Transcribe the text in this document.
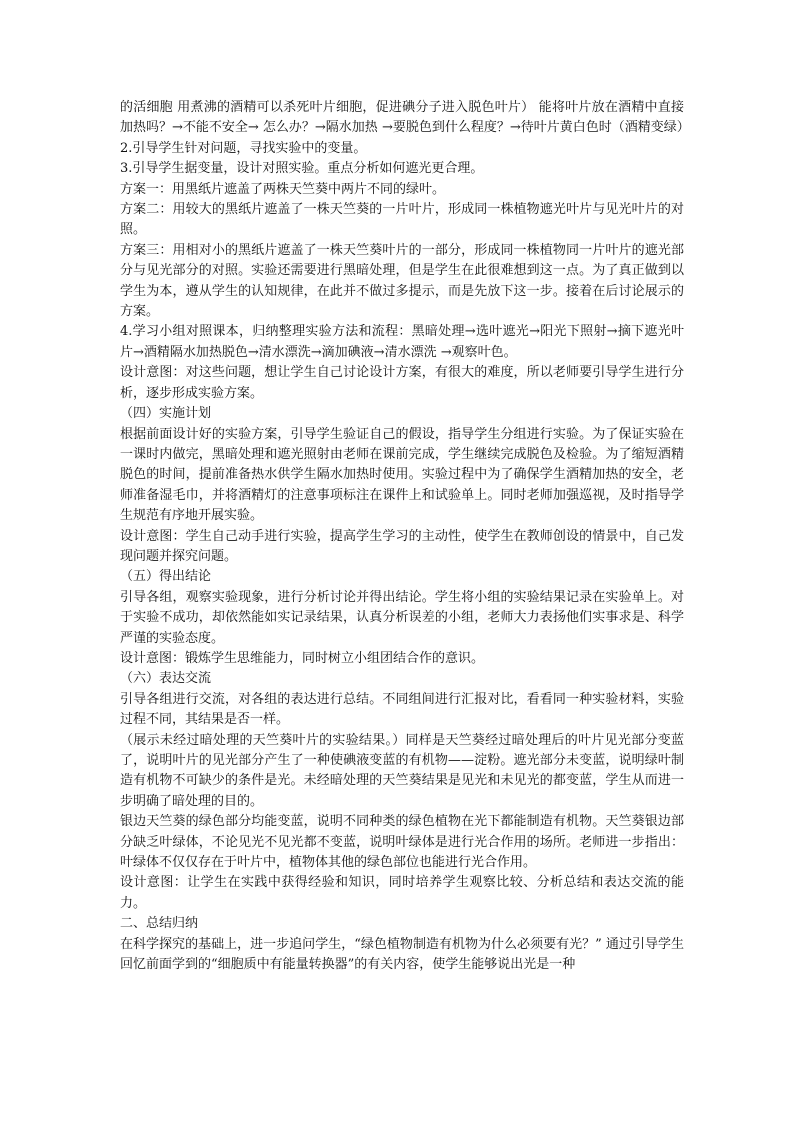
的活细胞 用煮沸的酒精可以杀死叶片细胞，促进碘分子进入脱色叶片） 能将叶片放在酒精中直接加热吗？→不能不安全→ 怎么办？→隔水加热 →要脱色到什么程度？→待叶片黄白色时（酒精变绿）

2.引导学生针对问题，寻找实验中的变量。

3.引导学生据变量，设计对照实验。重点分析如何遮光更合理。

方案一：用黑纸片遮盖了两株天竺葵中两片不同的绿叶。

方案二：用较大的黑纸片遮盖了一株天竺葵的一片叶片，形成同一株植物遮光叶片与见光叶片的对照。

方案三：用相对小的黑纸片遮盖了一株天竺葵叶片的一部分，形成同一株植物同一片叶片的遮光部分与见光部分的对照。实验还需要进行黑暗处理，但是学生在此很难想到这一点。为了真正做到以学生为本，遵从学生的认知规律，在此并不做过多提示，而是先放下这一步。接着在后讨论展示的方案。

4.学习小组对照课本，归纳整理实验方法和流程：黑暗处理→选叶遮光→阳光下照射→摘下遮光叶片→酒精隔水加热脱色→清水漂洗→滴加碘液→清水漂洗 →观察叶色。

设计意图：对这些问题，想让学生自己讨论设计方案，有很大的难度，所以老师要引导学生进行分析，逐步形成实验方案。

（四）实施计划

根据前面设计好的实验方案，引导学生验证自己的假设，指导学生分组进行实验。为了保证实验在一课时内做完，黑暗处理和遮光照射由老师在课前完成，学生继续完成脱色及检验。为了缩短酒精脱色的时间，提前准备热水供学生隔水加热时使用。实验过程中为了确保学生酒精加热的安全，老师准备湿毛巾，并将酒精灯的注意事项标注在课件上和试验单上。同时老师加强巡视，及时指导学生规范有序地开展实验。

设计意图：学生自己动手进行实验，提高学生学习的主动性，使学生在教师创设的情景中，自己发现问题并探究问题。

（五）得出结论

引导各组，观察实验现象，进行分析讨论并得出结论。学生将小组的实验结果记录在实验单上。对于实验不成功，却依然能如实记录结果，认真分析误差的小组，老师大力表扬他们实事求是、科学严谨的实验态度。

设计意图：锻炼学生思维能力，同时树立小组团结合作的意识。

（六）表达交流

引导各组进行交流，对各组的表达进行总结。不同组间进行汇报对比，看看同一种实验材料，实验过程不同，其结果是否一样。

（展示未经过暗处理的天竺葵叶片的实验结果。）同样是天竺葵经过暗处理后的叶片见光部分变蓝了，说明叶片的见光部分产生了一种使碘液变蓝的有机物——淀粉。遮光部分未变蓝，说明绿叶制造有机物不可缺少的条件是光。未经暗处理的天竺葵结果是见光和未见光的都变蓝，学生从而进一步明确了暗处理的目的。

银边天竺葵的绿色部分均能变蓝，说明不同种类的绿色植物在光下都能制造有机物。天竺葵银边部分缺乏叶绿体，不论见光不见光都不变蓝，说明叶绿体是进行光合作用的场所。老师进一步指出：叶绿体不仅仅存在于叶片中，植物体其他的绿色部位也能进行光合作用。

设计意图：让学生在实践中获得经验和知识，同时培养学生观察比较、分析总结和表达交流的能力。

二、总结归纳

在科学探究的基础上，进一步追问学生，“绿色植物制造有机物为什么必须要有光？” 通过引导学生回忆前面学到的“细胞质中有能量转换器”的有关内容，使学生能够说出光是一种
